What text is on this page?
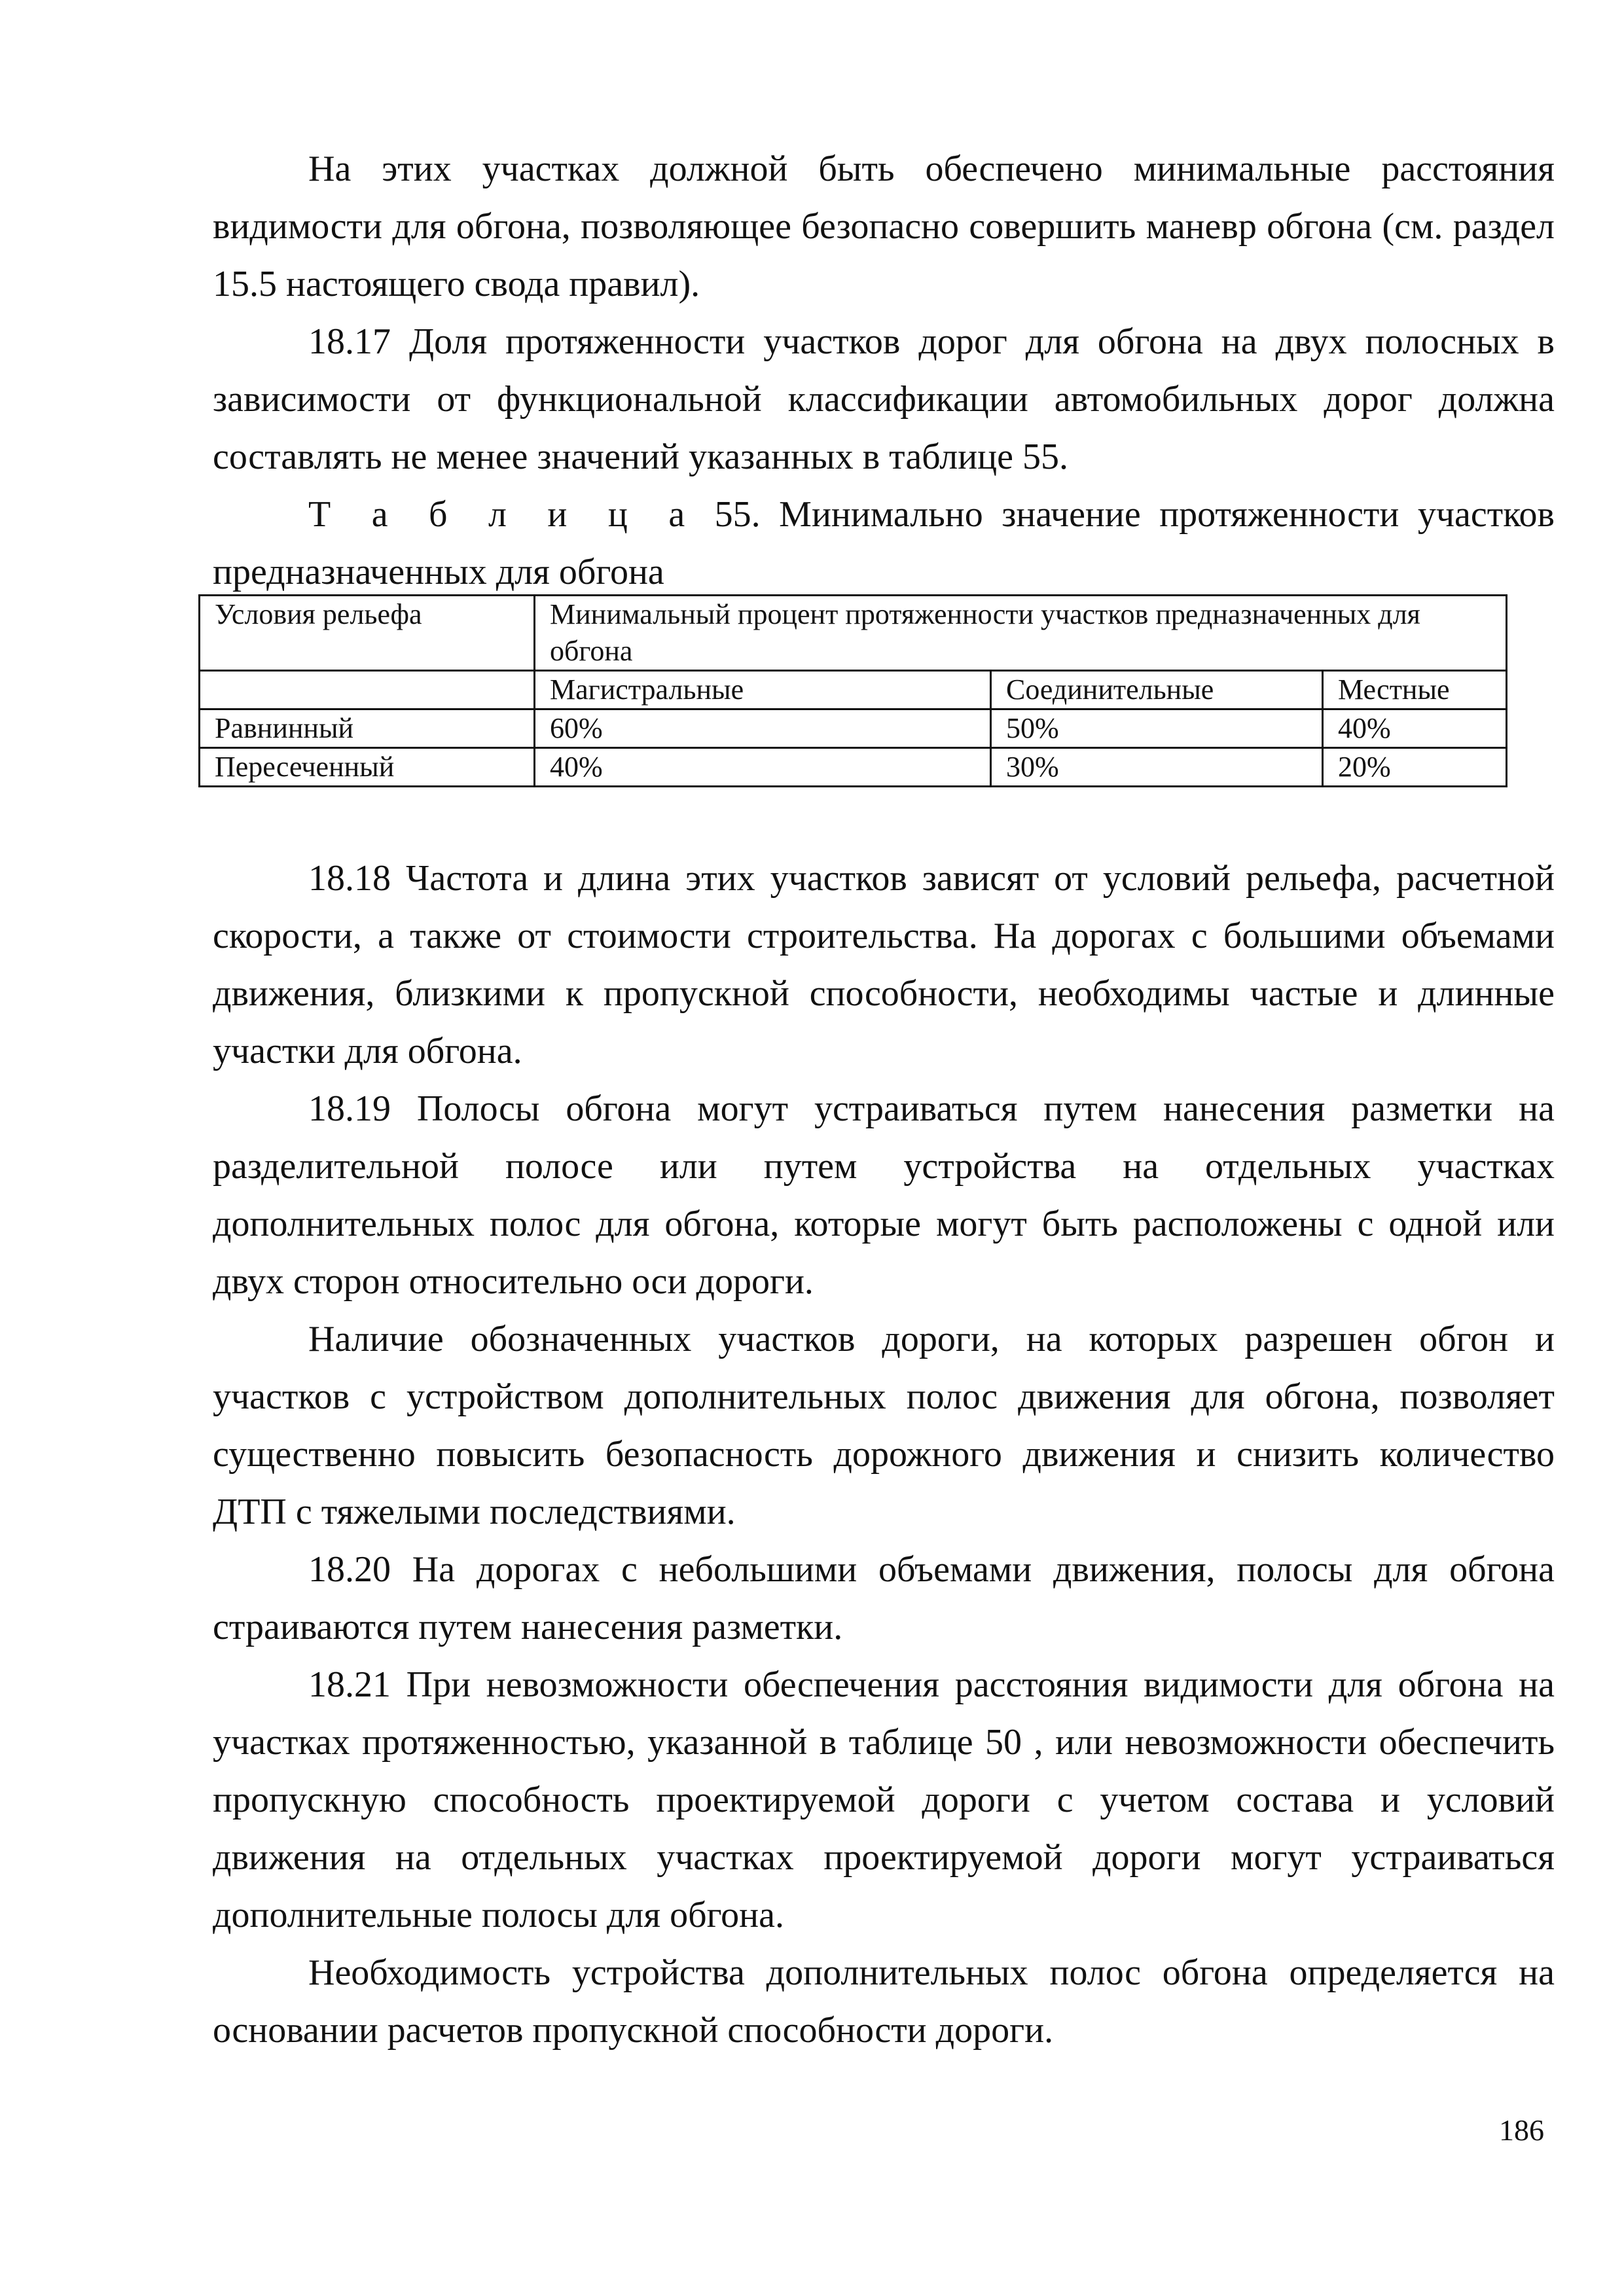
На этих участках должной быть обеспечено минимальные расстояния видимости для обгона, позволяющее безопасно совершить маневр обгона (см. раздел 15.5 настоящего свода правил).

18.17 Доля протяженности участков дорог для обгона на двух полосных в зависимости от функциональной классификации автомобильных дорог должна составлять не менее значений указанных в таблице 55.

Т а б л и ц а 55. Минимально значение протяженности участков предназначенных для обгона

Условия рельефа	Минимальный процент протяженности участков предназначенных для обгона		
	Магистральные	Соединительные	Местные
Равнинный	60%	50%	40%
Пересеченный	40%	30%	20%

18.18 Частота и длина этих участков зависят от условий рельефа, расчетной скорости, а также от стоимости строительства. На дорогах с большими объемами движения, близкими к пропускной способности, необходимы частые и длинные участки для обгона.

18.19 Полосы обгона могут устраиваться путем нанесения разметки на разделительной полосе или путем устройства на отдельных участках дополнительных полос для обгона, которые могут быть расположены с одной или двух сторон относительно оси дороги.

Наличие обозначенных участков дороги, на которых разрешен обгон и участков с устройством дополнительных полос движения для обгона, позволяет существенно повысить безопасность дорожного движения и снизить количество ДТП с тяжелыми последствиями.

18.20 На дорогах с небольшими объемами движения, полосы для обгона страиваются путем нанесения разметки.

18.21 При невозможности обеспечения расстояния видимости для обгона на участках протяженностью, указанной в таблице 50 , или невозможности обеспечить пропускную способность проектируемой дороги с учетом состава и условий движения на отдельных участках проектируемой дороги могут устраиваться дополнительные полосы для обгона.

Необходимость устройства дополнительных полос обгона определяется на основании расчетов пропускной способности дороги.

186
